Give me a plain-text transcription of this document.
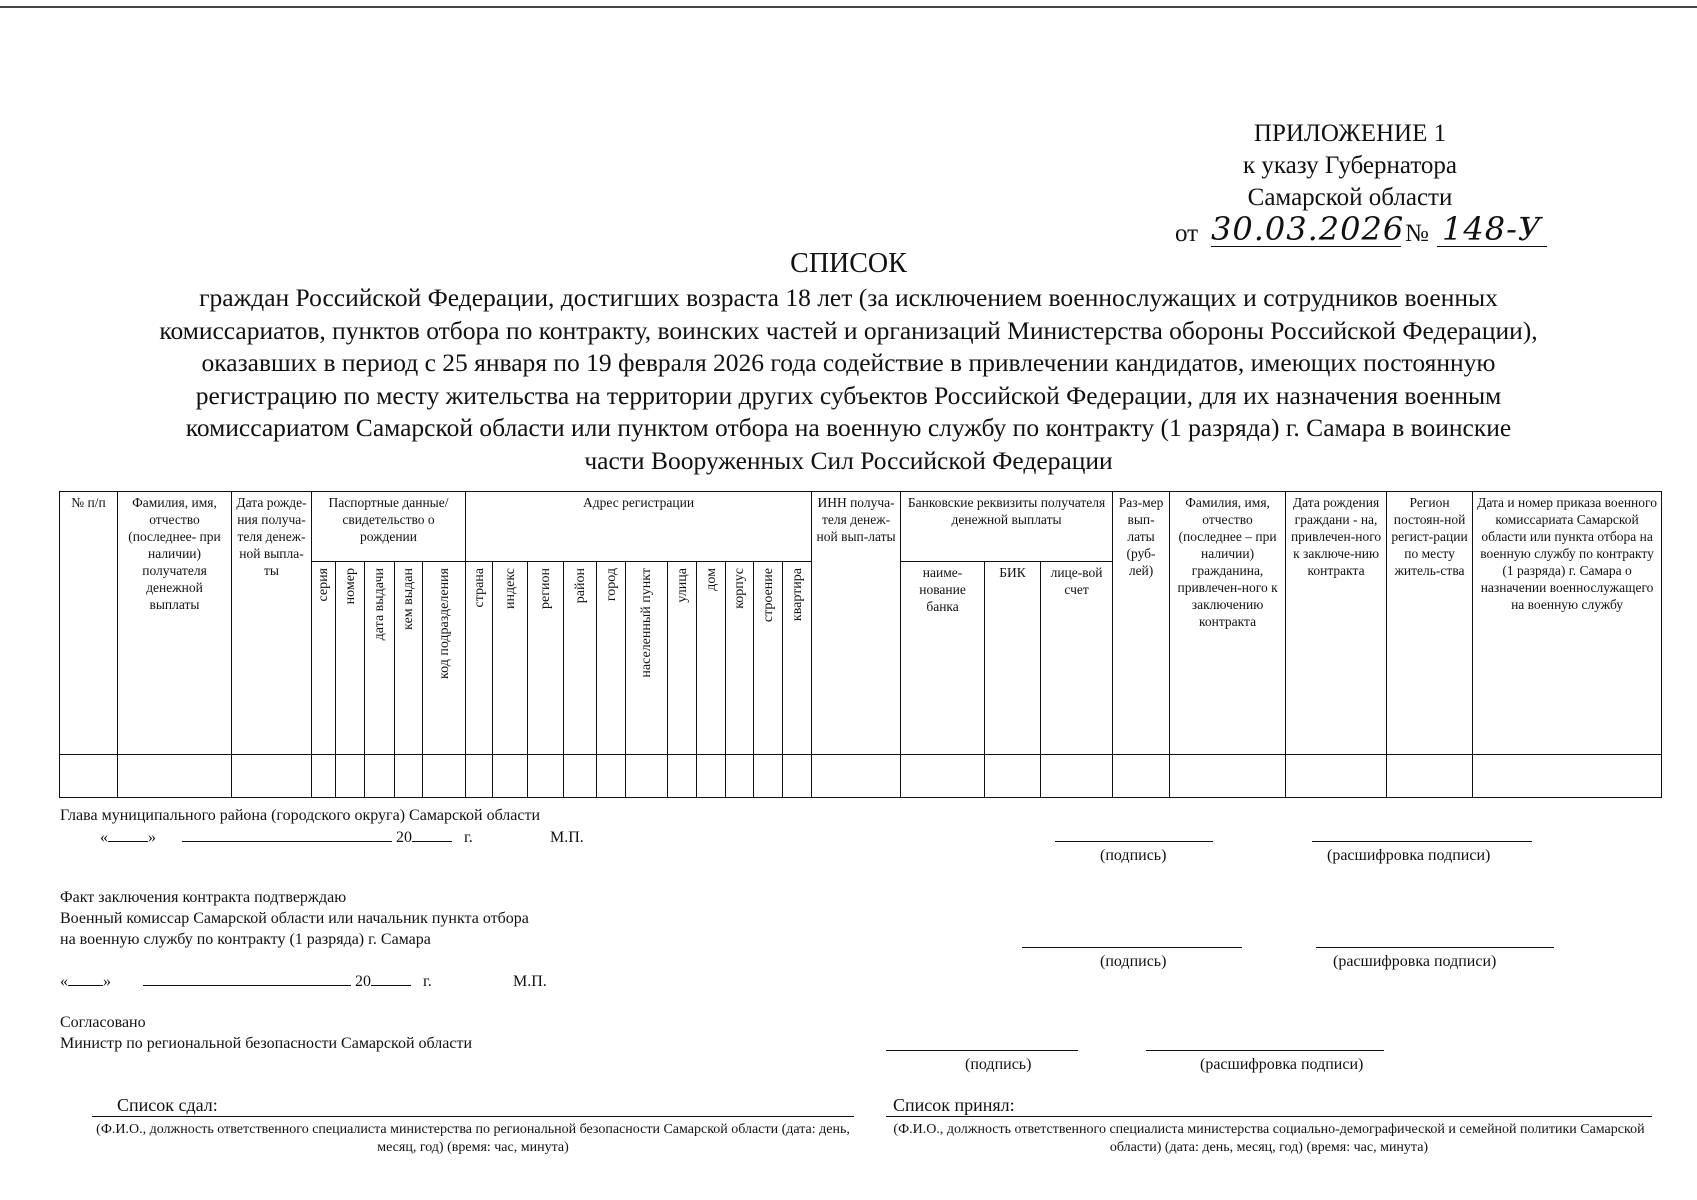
ПРИЛОЖЕНИЕ 1
к указу Губернатора
Самарской области
от 30.03.2026 № 148-У
СПИСОК
граждан Российской Федерации, достигших возраста 18 лет (за исключением военнослужащих и сотрудников военных
комиссариатов, пунктов отбора по контракту, воинских частей и организаций Министерства обороны Российской Федерации),
оказавших в период с 25 января по 19 февраля 2026 года содействие в привлечении кандидатов, имеющих постоянную
регистрацию по месту жительства на территории других субъектов Российской Федерации, для их назначения военным
комиссариатом Самарской области или пунктом отбора на военную службу по контракту (1 разряда) г. Самара в воинские
части Вооруженных Сил Российской Федерации
№ п/п	Фамилия, имя, отчество (последнее- при наличии) получателя денежной выплаты	Дата рожде-ния получа-теля денеж-ной выпла-ты	Паспортные данные/ свидетельство о рождении					Адрес регистрации											ИНН получа-теля денеж-ной вып-латы	Банковские реквизиты получателя денежной выплаты			Раз-мер вып-латы (руб-лей)	Фамилия, имя, отчество (последнее – при наличии) гражданина, привлечен-ного к заключению контракта	Дата рождения граждани - на, привлечен-ного к заключе-нию контракта	Регион постоян-ной регист-рации по месту житель-ства	Дата и номер приказа военного комиссариата Самарской области или пункта отбора на военную службу по контракту (1 разряда) г. Самара о назначении военнослужащего на военную службу

			серия	номер	дата выдачи	кем выдан	код подразделения	страна	индекс	регион	район	город	населенный пункт	улица	дом	корпус	строение	квартира		наиме-нование банка	БИК	лице-вой счет					

Глава муниципального района (городского округа) Самарской области
«	»	20	г.	М.П.
(подпись)	(расшифровка подписи)
Факт заключения контракта подтверждаю
Военный комиссар Самарской области или начальник пункта отбора
на военную службу по контракту (1 разряда) г. Самара
« »	20	г.	М.П.
(подпись)	(расшифровка подписи)
Согласовано
Министр по региональной безопасности Самарской области
(подпись)	(расшифровка подписи)
Список сдал:
(Ф.И.О., должность ответственного специалиста министерства по региональной безопасности Самарской области (дата: день, месяц, год) (время: час, минута)
Список принял:
(Ф.И.О., должность ответственного специалиста министерства социально-демографической и семейной политики Самарской области) (дата: день, месяц, год) (время: час, минута)
